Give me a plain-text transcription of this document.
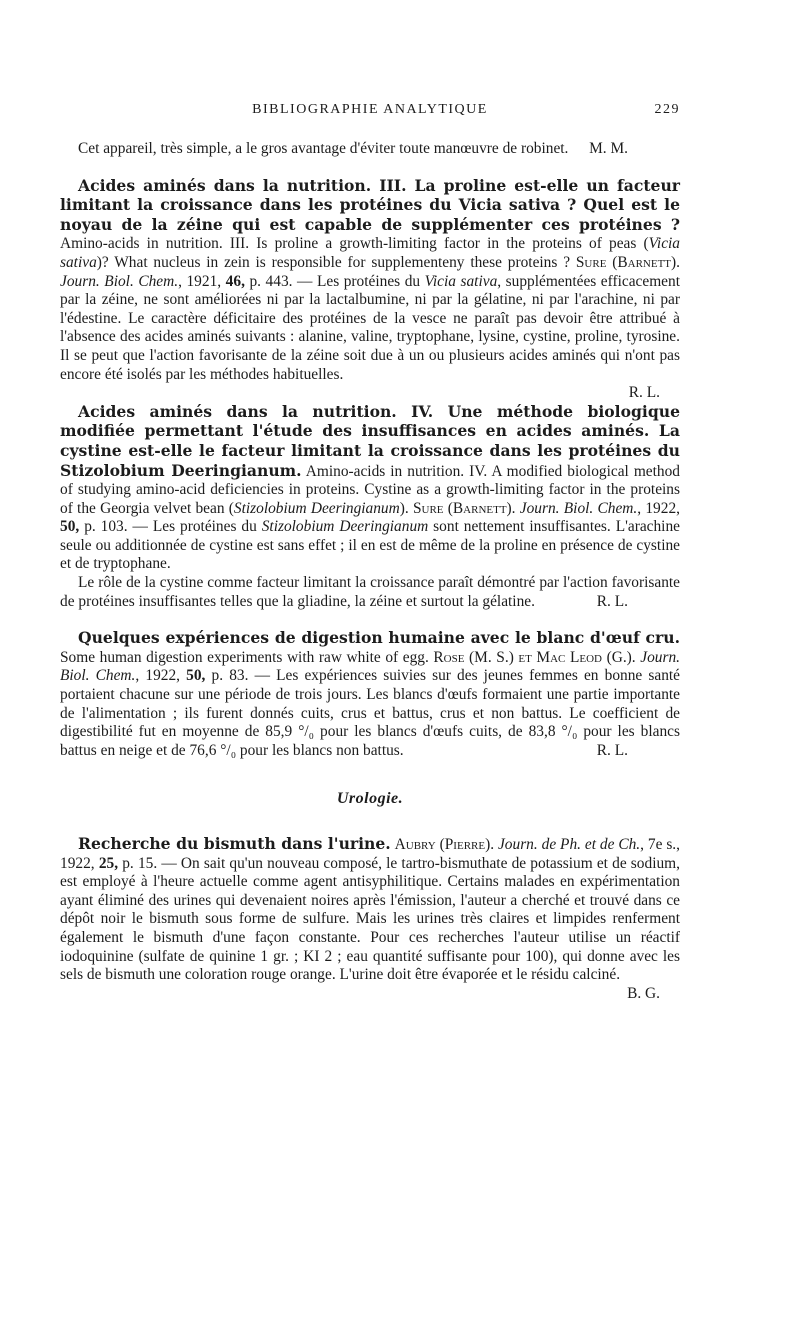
BIBLIOGRAPHIE ANALYTIQUE	229

Cet appareil, très simple, a le gros avantage d'éviter toute manœuvre de robinet.	M. M.

Acides aminés dans la nutrition. III. La proline est-elle un facteur limitant la croissance dans les protéines du Vicia sativa ? Quel est le noyau de la zéine qui est capable de supplémenter ces protéines ? Amino-acids in nutrition. III. Is proline a growth-limiting factor in the proteins of peas (Vicia sativa)? What nucleus in zein is responsible for supplementeny these proteins ? Sure (Barnett). Journ. Biol. Chem., 1921, 46, p. 443. — Les protéines du Vicia sativa, supplémentées efficacement par la zéine, ne sont améliorées ni par la lactalbumine, ni par la gélatine, ni par l'arachine, ni par l'édestine. Le caractère déficitaire des protéines de la vesce ne paraît pas devoir être attribué à l'absence des acides aminés suivants : alanine, valine, tryptophane, lysine, cystine, proline, tyrosine. Il se peut que l'action favorisante de la zéine soit due à un ou plusieurs acides aminés qui n'ont pas encore été isolés par les méthodes habituelles.
R. L.

Acides aminés dans la nutrition. IV. Une méthode biologique modifiée permettant l'étude des insuffisances en acides aminés. La cystine est-elle le facteur limitant la croissance dans les protéines du Stizolobium Deeringianum. Amino-acids in nutrition. IV. A modified biological method of studying amino-acid deficiencies in proteins. Cystine as a growth-limiting factor in the proteins of the Georgia velvet bean (Stizolobium Deeringianum). Sure (Barnett). Journ. Biol. Chem., 1922, 50, p. 103. — Les protéines du Stizolobium Deeringianum sont nettement insuffisantes. L'arachine seule ou additionnée de cystine est sans effet ; il en est de même de la proline en présence de cystine et de tryptophane.

Le rôle de la cystine comme facteur limitant la croissance paraît démontré par l'action favorisante de protéines insuffisantes telles que la gliadine, la zéine et surtout la gélatine.	R. L.

Quelques expériences de digestion humaine avec le blanc d'œuf cru. Some human digestion experiments with raw white of egg. Rose (M. S.) et Mac Leod (G.). Journ. Biol. Chem., 1922, 50, p. 83. — Les expériences suivies sur des jeunes femmes en bonne santé portaient chacune sur une période de trois jours. Les blancs d'œufs formaient une partie importante de l'alimentation ; ils furent donnés cuits, crus et battus, crus et non battus. Le coefficient de digestibilité fut en moyenne de 85,9 °/₀ pour les blancs d'œufs cuits, de 83,8 °/₀ pour les blancs battus en neige et de 76,6 °/₀ pour les blancs non battus.	R. L.

Urologie.

Recherche du bismuth dans l'urine. Aubry (Pierre). Journ. de Ph. et de Ch., 7e s., 1922, 25, p. 15. — On sait qu'un nouveau composé, le tartro-bismuthate de potassium et de sodium, est employé à l'heure actuelle comme agent antisyphilitique. Certains malades en expérimentation ayant éliminé des urines qui devenaient noires après l'émission, l'auteur a cherché et trouvé dans ce dépôt noir le bismuth sous forme de sulfure. Mais les urines très claires et limpides renferment également le bismuth d'une façon constante. Pour ces recherches l'auteur utilise un réactif iodoquinine (sulfate de quinine 1 gr. ; KI 2 ; eau quantité suffisante pour 100), qui donne avec les sels de bismuth une coloration rouge orange. L'urine doit être évaporée et le résidu calciné.
B. G.
